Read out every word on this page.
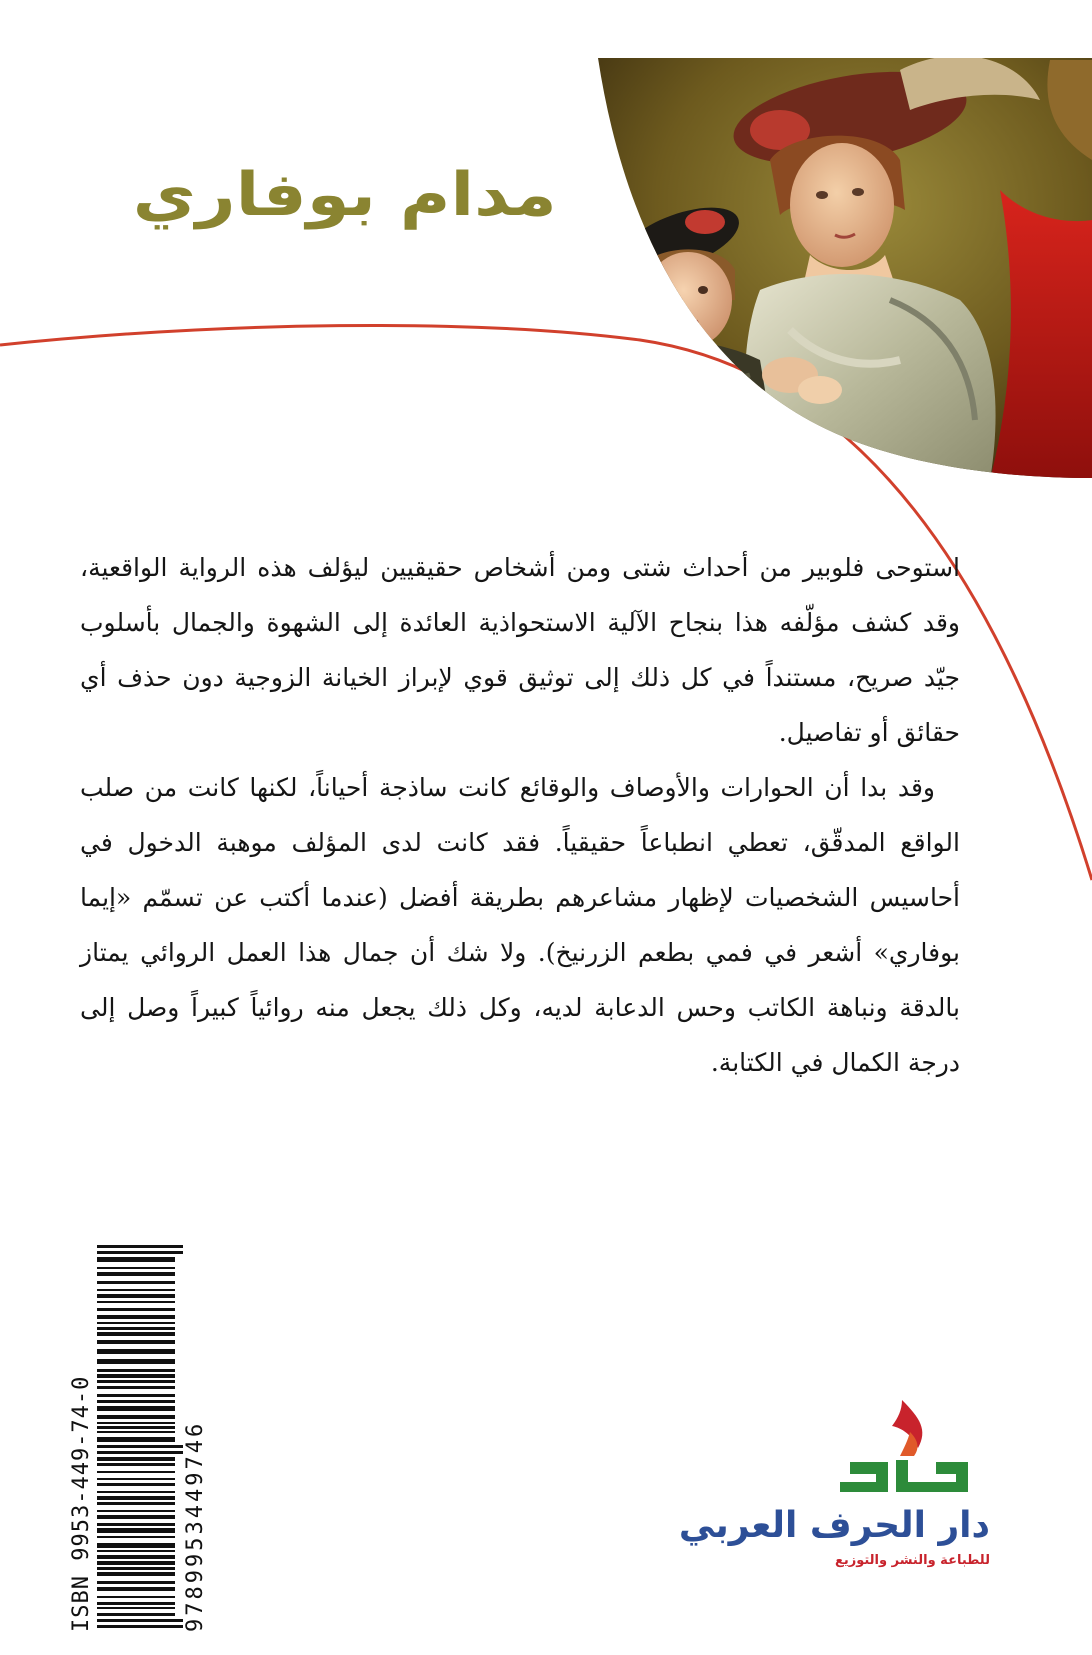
مدام بوفاري

استوحى فلوبير من أحداث شتى ومن أشخاص حقيقيين ليؤلف هذه الرواية الواقعية، وقد كشف مؤلّفه هذا بنجاح الآلية الاستحواذية العائدة إلى الشهوة والجمال بأسلوب جيّد صريح، مستنداً في كل ذلك إلى توثيق قوي لإبراز الخيانة الزوجية دون حذف أي حقائق أو تفاصيل.

وقد بدا أن الحوارات والأوصاف والوقائع كانت ساذجة أحياناً، لكنها كانت من صلب الواقع المدقّق، تعطي انطباعاً حقيقياً. فقد كانت لدى المؤلف موهبة الدخول في أحاسيس الشخصيات لإظهار مشاعرهم بطريقة أفضل (عندما أكتب عن تسمّم «إيما بوفاري» أشعر في فمي بطعم الزرنيخ). ولا شك أن جمال هذا العمل الروائي يمتاز بالدقة ونباهة الكاتب وحس الدعابة لديه، وكل ذلك يجعل منه روائياً كبيراً وصل إلى درجة الكمال في الكتابة.

ISBN 9953-449-74-0	9789953449746	دار الحرف العربي
للطباعة والنشر والتوزيع
